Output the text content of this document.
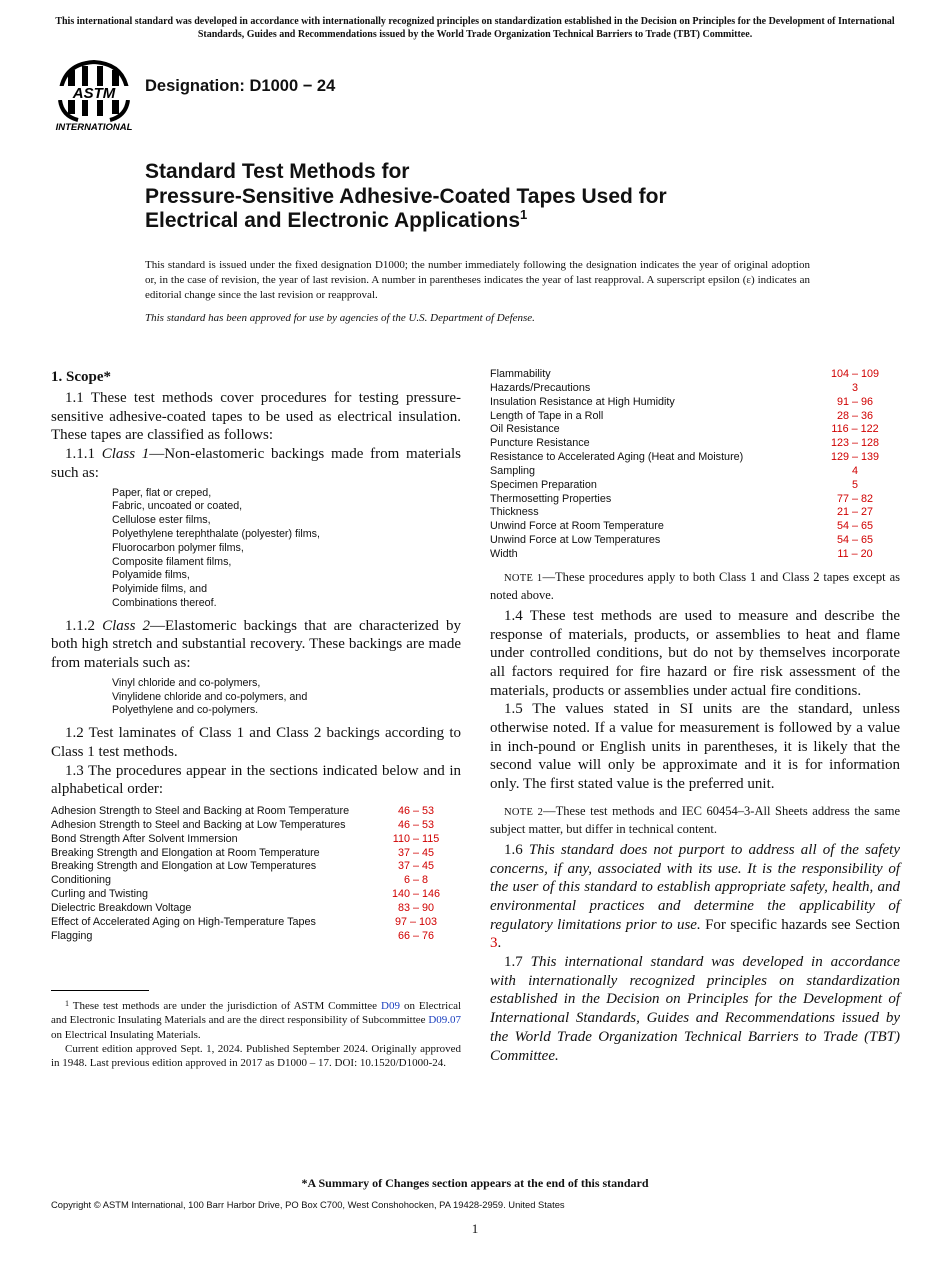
This international standard was developed in accordance with internationally recognized principles on standardization established in the Decision on Principles for the Development of International Standards, Guides and Recommendations issued by the World Trade Organization Technical Barriers to Trade (TBT) Committee.
ASTM
INTERNATIONAL
Designation: D1000 − 24
Standard Test Methods for
Pressure-Sensitive Adhesive-Coated Tapes Used for
Electrical and Electronic Applications$^1$
This standard is issued under the fixed designation D1000; the number immediately following the designation indicates the year of original adoption or, in the case of revision, the year of last revision. A number in parentheses indicates the year of last reapproval. A superscript epsilon (ε) indicates an editorial change since the last revision or reapproval.
This standard has been approved for use by agencies of the U.S. Department of Defense.
1. Scope*

1.1 These test methods cover procedures for testing pressure-sensitive adhesive-coated tapes to be used as electrical insulation. These tapes are classified as follows:

1.1.1 Class 1—Non-elastomeric backings made from materials such as:

Paper, flat or creped,
Fabric, uncoated or coated,
Cellulose ester films,
Polyethylene terephthalate (polyester) films,
Fluorocarbon polymer films,
Composite filament films,
Polyamide films,
Polyimide films, and
Combinations thereof.

1.1.2 Class 2—Elastomeric backings that are characterized by both high stretch and substantial recovery. These backings are made from materials such as:

Vinyl chloride and co-polymers,
Vinylidene chloride and co-polymers, and
Polyethylene and co-polymers.

1.2 Test laminates of Class 1 and Class 2 backings according to Class 1 test methods.

1.3 The procedures appear in the sections indicated below and in alphabetical order:

Adhesion Strength to Steel and Backing at Room Temperature	46 – 53
Adhesion Strength to Steel and Backing at Low Temperatures	46 – 53
Bond Strength After Solvent Immersion	110 – 115
Breaking Strength and Elongation at Room Temperature	37 – 45
Breaking Strength and Elongation at Low Temperatures	37 – 45
Conditioning	6 – 8
Curling and Twisting	140 – 146
Dielectric Breakdown Voltage	83 – 90
Effect of Accelerated Aging on High-Temperature Tapes	97 – 103
Flagging	66 – 76
Flammability	104 – 109
Hazards/Precautions	3
Insulation Resistance at High Humidity	91 – 96
Length of Tape in a Roll	28 – 36
Oil Resistance	116 – 122
Puncture Resistance	123 – 128
Resistance to Accelerated Aging (Heat and Moisture)	129 – 139
Sampling	4
Specimen Preparation	5
Thermosetting Properties	77 – 82
Thickness	21 – 27
Unwind Force at Room Temperature	54 – 65
Unwind Force at Low Temperatures	54 – 65
Width	11 – 20

NOTE 1—These procedures apply to both Class 1 and Class 2 tapes except as noted above.

1.4 These test methods are used to measure and describe the response of materials, products, or assemblies to heat and flame under controlled conditions, but do not by themselves incorporate all factors required for fire hazard or fire risk assessment of the materials, products or assemblies under actual fire conditions.

1.5 The values stated in SI units are the standard, unless otherwise noted. If a value for measurement is followed by a value in inch-pound or English units in parentheses, it is likely that the second value will only be approximate and it is for information only. The first stated value is the preferred unit.

NOTE 2—These test methods and IEC 60454–3-All Sheets address the same subject matter, but differ in technical content.

1.6 This standard does not purport to address all of the safety concerns, if any, associated with its use. It is the responsibility of the user of this standard to establish appropriate safety, health, and environmental practices and determine the applicability of regulatory limitations prior to use. For specific hazards see Section 3.

1.7 This international standard was developed in accordance with internationally recognized principles on standardization established in the Decision on Principles for the Development of International Standards, Guides and Recommendations issued by the World Trade Organization Technical Barriers to Trade (TBT) Committee.

$^1$ These test methods are under the jurisdiction of ASTM Committee D09 on Electrical and Electronic Insulating Materials and are the direct responsibility of Subcommittee D09.07 on Electrical Insulating Materials.

Current edition approved Sept. 1, 2024. Published September 2024. Originally approved in 1948. Last previous edition approved in 2017 as D1000 – 17. DOI: 10.1520/D1000-24.

*A Summary of Changes section appears at the end of this standard
Copyright © ASTM International, 100 Barr Harbor Drive, PO Box C700, West Conshohocken, PA 19428-2959. United States
1
